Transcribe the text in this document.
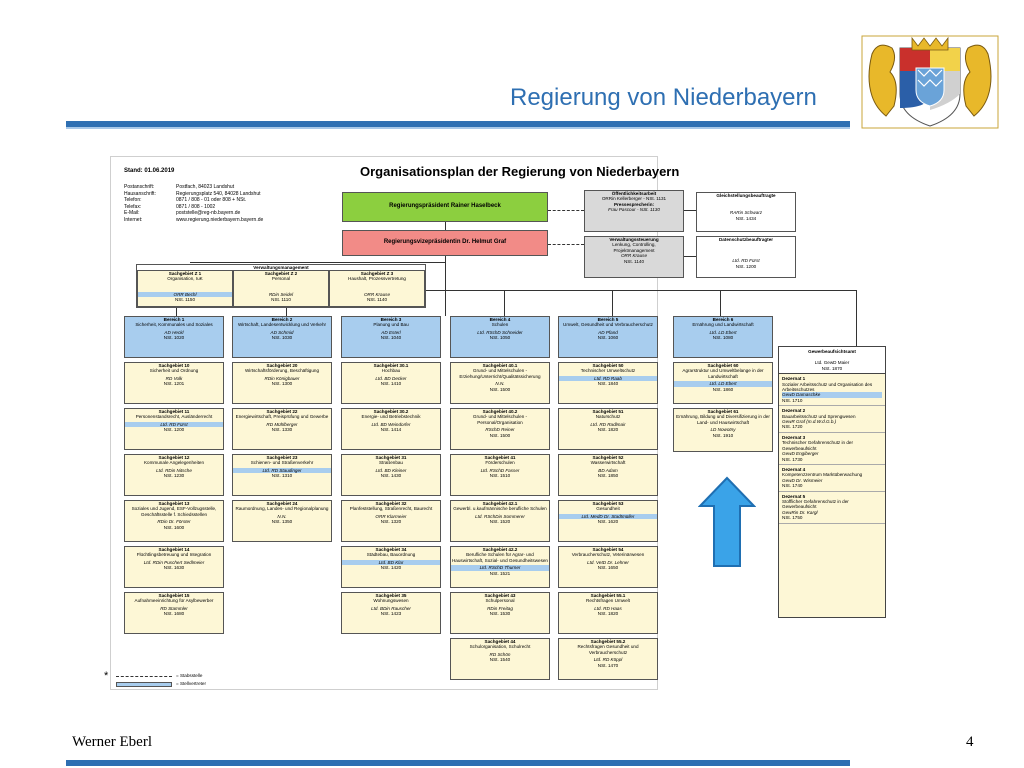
Regierung von Niederbayern
Stand: 01.06.2019	Organisationsplan der Regierung von Niederbayern
Postanschrift:	Postfach, 84023 Landshut
Hausanschrift:	Regierungsplatz 540, 84028 Landshut
Telefon:	0871 / 808 - 01 oder 808 + NSt.
Telefax:	0871 / 808 - 1002
E-Mail:	poststelle@reg-nb.bayern.de
Internet:	www.regierung.niederbayern.bayern.de
Regierungspräsident Rainer Haselbeck
Regierungsvizepräsidentin Dr. Helmut Graf
Öffentlichkeitsarbeit
ORRin Kellerberger - NSt. 1131
Pressesprecherin:
Frau Pascour - NSt. 1130
Verwaltungssteuerung
Lenkung, Controlling,
Projektmanagement
ORR Krause
NSt. 1140
Gleichstellungsbeauftragte
RARin Schwarz
NSt. 1434
Datenschutzbeauftragter
Ltd. RD Fürst
NSt. 1200
Verwaltungsmanagement
Sachgebiet Z 1
Organisation, IuK
ORR Bechl
NSt. 1150
Sachgebiet Z 2
Personal
RDin Seidel
NSt. 1110
Sachgebiet Z 3
Haushalt, Prozessvertretung
ORR Krause
NSt. 1140
Bereich 1
Sicherheit, Kommunales und Soziales
AD Heckl
NSt. 1020
Sachgebiet 10
Sicherheit und Ordnung
RD Volk
NSt. 1201
Sachgebiet 11
Personenstandsrecht, Ausländerrecht
Ltd. RD Fürst
NSt. 1200
Sachgebiet 12
Kommunale Angelegenheiten
Ltd. RDin Nitsche
NSt. 1230
Sachgebiet 13
Soziales und Jugend, ESF-Vollzugsstelle, Geschäftsstelle f. Schiedsstellen
RDin Dr. Förster
NSt. 1600
Sachgebiet 14
Flüchtlingsbetreuung und Integration
Ltd. RDin Puschert Sedlmeier
NSt. 1630
Sachgebiet 15
Aufnahmeeinrichtung für Asylbewerber
RD Stammler
NSt. 1680
Bereich 2
Wirtschaft, Landesentwicklung und Verkehr
AD Schmid
NSt. 1030
Sachgebiet 20
Wirtschaftsförderung, Beschäftigung
RDin Königbauer
NSt. 1300
Sachgebiet 22
Energiewirtschaft, Preisprüfung und Gewerbe
RD Mühlberger
NSt. 1330
Sachgebiet 23
Schienen- und Straßenverkehr
Ltd. RD Staudinger
NSt. 1310
Sachgebiet 24
Raumordnung, Landes- und Regionalplanung
N.N.
NSt. 1350
Bereich 3
Planung und Bau
AD Esterl
NSt. 1040
Sachgebiet 30.1
Hochbau
Ltd. BD Decker
NSt. 1410
Sachgebiet 30.2
Energie- und Betriebstechnik
Ltd. BD Weindorfer
NSt. 1414
Sachgebiet 31
Straßenbau
Ltd. BD Kleiner
NSt. 1430
Sachgebiet 32
Planfeststellung, Straßenrecht, Baurecht
ORR Klarmeier
NSt. 1320
Sachgebiet 34
Städtebau, Bauordnung
Ltd. BD Klar
NSt. 1420
Sachgebiet 35
Wohnungswesen
Ltd. BDin Rauscher
NSt. 1423
Bereich 4
Schulen
Ltd. RSchD Schneider
NSt. 1050
Sachgebiet 40.1
Grund- und Mittelschulen - Erziehung/Unterricht/Qualitätssicherung
N.N.
NSt. 1500
Sachgebiet 40.2
Grund- und Mittelschulen - Personal/Organisation
RSchD Reiner
NSt. 1500
Sachgebiet 41
Förderschulen
Ltd. RSchD Fasser
NSt. 1510
Sachgebiet 42.1
Gewerbl. u.kaufmännische berufliche Schulen
Ltd. RSchDin Sommerer
NSt. 1520
Sachgebiet 42.2
Berufliche Schulen für Agrar- und Hauswirtschaft, Sozial- und Gesundheitswesen
Ltd. RSchD Thurner
NSt. 1521
Sachgebiet 43
Schulpersonal
RDin Freitag
NSt. 1530
Sachgebiet 44
Schulorganisation, Schulrecht
RD Schön
NSt. 1540
Bereich 5
Umwelt, Gesundheit und Verbraucherschutz
AD Pfand
NSt. 1060
Sachgebiet 50
Technischer Umweltschutz
Ltd. RD Raab
NSt. 1840
Sachgebiet 51
Naturschutz
Ltd. RD Radlmair
NSt. 1820
Sachgebiet 52
Wasserwirtschaft
BD Adam
NSt. 1850
Sachgebiet 53
Gesundheit
Ltd. MedD Dr. Stadtmüller
NSt. 1620
Sachgebiet 54
Verbraucherschutz, Veterinärwesen
Ltd. VetD Dr. Lehner
NSt. 1650
Sachgebiet 55.1
Rechtsfragen Umwelt
Ltd. RD Haas
NSt. 1820
Sachgebiet 55.2
Rechtsfragen Gesundheit und Verbraucherschutz
Ltd. RD Köppl
NSt. 1470
Bereich 6
Ernährung und Landwirtschaft
Ltd. LD Ebert
NSt. 1080
Sachgebiet 60
Agrarstruktur und Umweltbelange in der Landwirtschaft
Ltd. LD Ebert
NSt. 1860
Sachgebiet 61
Ernährung, Bildung und Diversifizierung in der Land- und Hauswirtschaft
LD Nowotny
NSt. 1910
Gewerbeaufsichtsamt
Ltd. GewD Maier
NSt. 1870
Dezernat 1
Sozialer Arbeitsschutz und Organisation des Arbeitsschutzes
GewD Damaschke
NSt. 1710
Dezernat 2
Bauarbeitsschutz und Sprengwesen
GewR Graf (m.d.W.d.G.b.)
NSt. 1720
Dezernat 3
Technischer Gefahrenschutz in der Gewerbeaufsicht
GewD Engiberger
NSt. 1730
Dezernat 4
Kompetenzzentrum Marktüberwachung
GewD Dr. Wismeier
NSt. 1740
Dezernat 5
Stofflicher Gefahrenschutz in der Gewerbeaufsicht
GewRin Dr. Kargl
NSt. 1750
*	= Stabsstelle
= Stellvertreter
Werner Eberl	4
